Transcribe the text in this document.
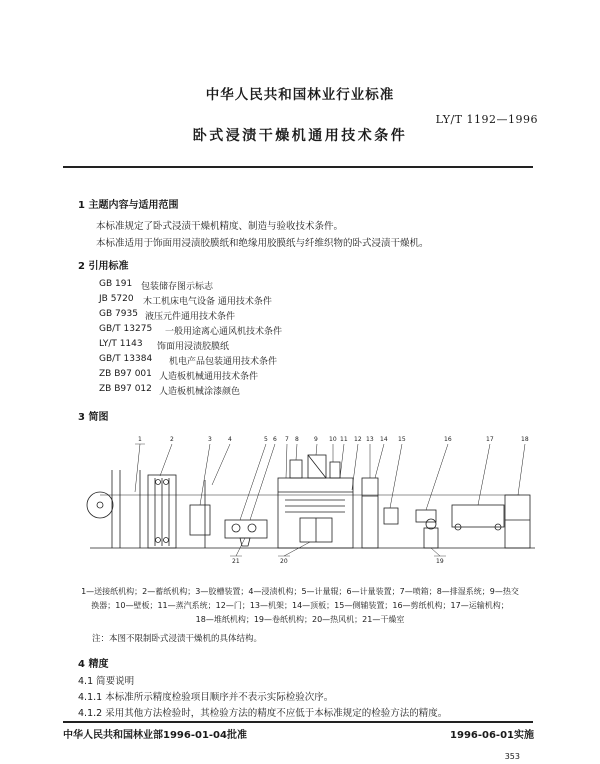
中华人民共和国林业行业标准
LY/T 1192—1996
卧式浸渍干燥机通用技术条件
1 主题内容与适用范围
本标准规定了卧式浸渍干燥机精度、制造与验收技术条件。
本标准适用于饰面用浸渍胶膜纸和绝缘用胶膜纸与纤维织物的卧式浸渍干燥机。
2 引用标准
GB 191 包装储存图示标志
JB 5720 木工机床电气设备 通用技术条件
GB 7935 液压元件通用技术条件
GB/T 13275 一般用途离心通风机技术条件
LY/T 1143 饰面用浸渍胶膜纸
GB/T 13384 机电产品包装通用技术条件
ZB B97 001 人造板机械通用技术条件
ZB B97 012 人造板机械涂漆颜色
3 简图
1	2	3	4	5 6 7 8	9 10 11 12 13 14 15	16	17	18
19
20
21
1—送接纸机构；2—蓄纸机构；3—胶槽装置；4—浸渍机构；5—计量辊；6—计量装置；7—喷箱；8—排湿系统；9—热交
换器；10—壁板；11—蒸汽系统；12—门；13—机架；14—顶板；15—侧辅装置；16—剪纸机构；17—运输机构；
18—堆纸机构；19—卷纸机构；20—热风机；21—干燥室
注：本图不限制卧式浸渍干燥机的具体结构。
4 精度
4.1 简要说明
4.1.1 本标准所示精度检验项目顺序并不表示实际检验次序。
4.1.2 采用其他方法检验时，其检验方法的精度不应低于本标准规定的检验方法的精度。
中华人民共和国林业部1996-01-04批准	1996-06-01实施
353
